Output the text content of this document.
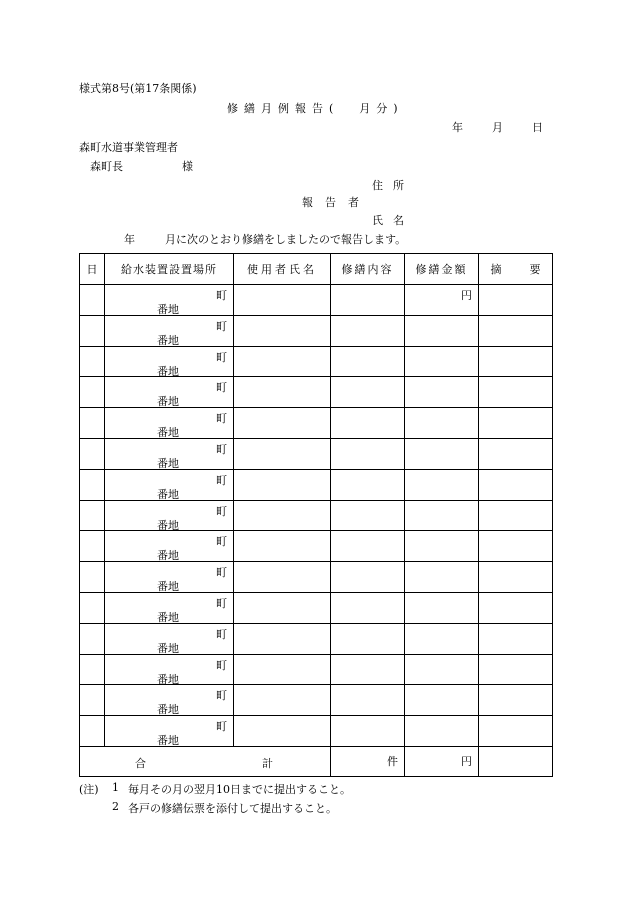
様式第8号(第17条関係)
修繕月例報告( 月分)
年	月	日
森町水道事業管理者
森町長	様
住所
報告者
氏名
年	月に次のとおり修繕をしましたので報告します。
日	給水装置設置場所	使用者氏名	修繕内容	修繕金額	摘 要

	町
番地			円	

	町
番地				

	町
番地				

	町
番地				

	町
番地				

	町
番地				

	町
番地				

	町
番地				

	町
番地				

	町
番地				

	町
番地				

	町
番地				

	町
番地				

	町
番地				

	町
番地				

合 計			件	円	
(注) 1 毎月その月の翌月10日までに提出すること。
2 各戸の修繕伝票を添付して提出すること。
